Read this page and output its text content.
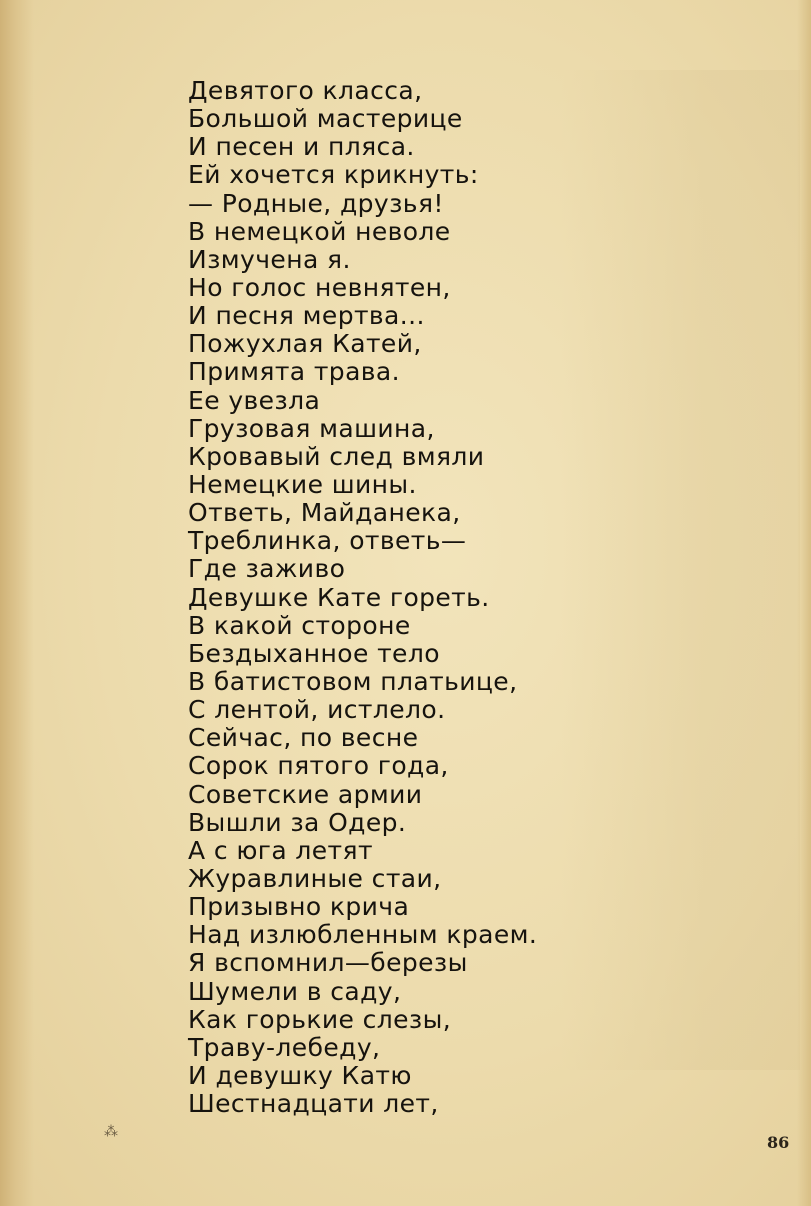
Девятого класса,
Большой мастерице
И песен и пляса.
Ей хочется крикнуть:
— Родные, друзья!
В немецкой неволе
Измучена я.
Но голос невнятен,
И песня мертва...
Пожухлая Катей,
Примята трава.
Ее увезла
Грузовая машина,
Кровавый след вмяли
Немецкие шины.
Ответь, Майданека,
Треблинка, ответь—
Где заживо
Девушке Кате гореть.
В какой стороне
Бездыханное тело
В батистовом платьице,
С лентой, истлело.
Сейчас, по весне
Сорок пятого года,
Советские армии
Вышли за Одер.
А с юга летят
Журавлиные стаи,
Призывно крича
Над излюбленным краем.
Я вспомнил—березы
Шумели в саду,
Как горькие слезы,
Траву-лебеду,
И девушку Катю
Шестнадцати лет,
⁂
86
